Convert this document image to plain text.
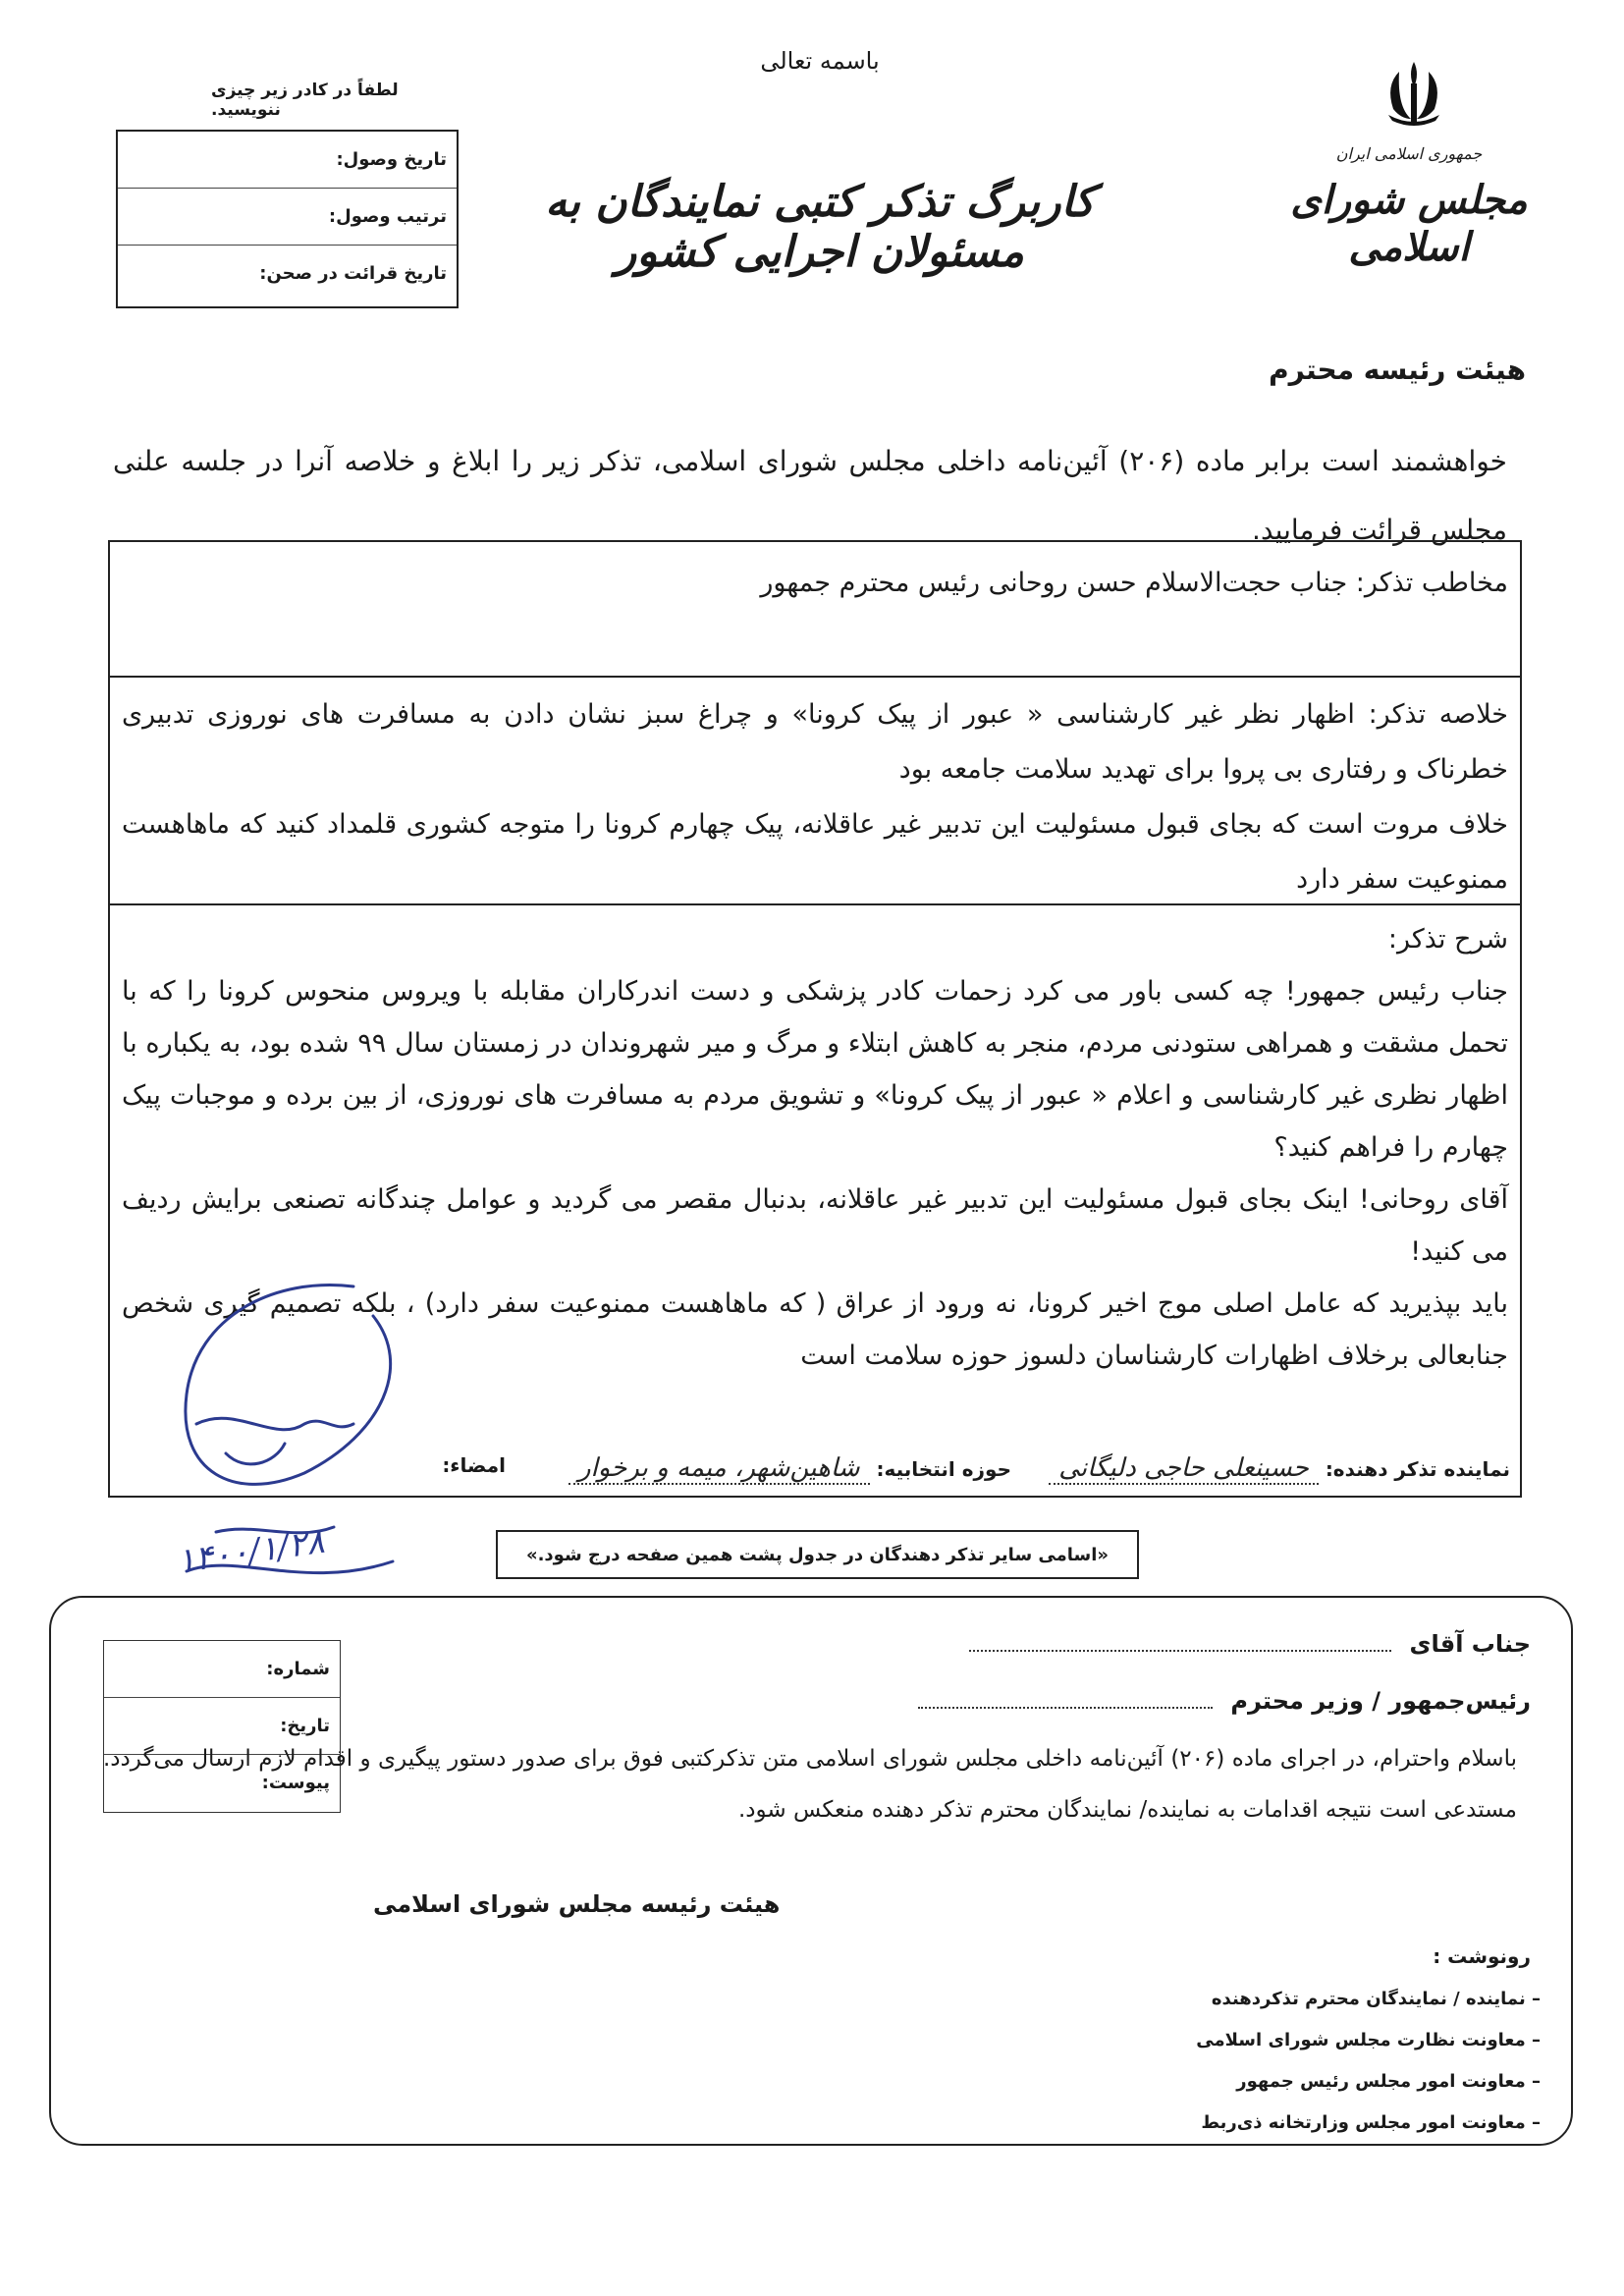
باسمه تعالی
لطفاً در کادر زیر چیزی ننویسید.
تاریخ وصول:
ترتیب وصول:
تاریخ قرائت در صحن:
کاربرگ تذکر کتبی نمایندگان به مسئولان اجرایی کشور
جمهوری اسلامی ایران
مجلس شورای اسلامی
هیئت رئیسه محترم
خواهشمند است برابر ماده (۲۰۶) آئین‌نامه داخلی مجلس شورای اسلامی، تذکر زیر را ابلاغ و خلاصه آنرا در جلسه علنی مجلس قرائت فرمایید.
مخاطب تذکر: جناب حجت‌الاسلام حسن روحانی رئیس محترم جمهور
خلاصه تذکر: اظهار نظر غیر کارشناسی « عبور از پیک کرونا» و چراغ سبز نشان دادن به مسافرت های نوروزی تدبیری خطرناک و رفتاری بی پروا برای تهدید سلامت جامعه بود
خلاف مروت است که بجای قبول مسئولیت این تدبیر غیر عاقلانه، پیک چهارم کرونا را متوجه کشوری قلمداد کنید که ماهاهست ممنوعیت سفر دارد
شرح تذکر:
جناب رئیس جمهور! چه کسی باور می کرد زحمات کادر پزشکی و دست اندرکاران مقابله با ویروس منحوس کرونا را که با تحمل مشقت و همراهی ستودنی مردم، منجر به کاهش ابتلاء و مرگ و میر شهروندان در زمستان سال ۹۹ شده بود، به یکباره با اظهار نظری غیر کارشناسی و اعلام « عبور از پیک کرونا» و تشویق مردم به مسافرت های نوروزی، از بین برده و موجبات پیک چهارم را فراهم کنید؟
آقای روحانی! اینک بجای قبول مسئولیت این تدبیر غیر عاقلانه، بدنبال مقصر می گردید و عوامل چندگانه تصنعی برایش ردیف می کنید!
باید بپذیرید که عامل اصلی موج اخیر کرونا، نه ورود از عراق ( که ماهاهست ممنوعیت سفر دارد) ، بلکه تصمیم گیری شخص جنابعالی برخلاف اظهارات کارشناسان دلسوز حوزه سلامت است
نماینده تذکر دهنده: حسینعلی حاجی دلیگانی
حوزه انتخابیه: شاهین‌شهر، میمه و برخوار
امضاء:
۱۴۰۰/۱/۲۸	«اسامی سایر تذکر دهندگان در جدول پشت همین صفحه درج شود.»
شماره:
تاریخ:
پیوست:
جناب آقای
رئیس‌جمهور / وزیر محترم
باسلام واحترام، در اجرای ماده (۲۰۶) آئین‌نامه داخلی مجلس شورای اسلامی متن تذکرکتبی فوق برای صدور دستور پیگیری و اقدام لازم ارسال می‌گردد. مستدعی است نتیجه اقدامات به نماینده/ نمایندگان محترم تذکر دهنده منعکس شود.
هیئت رئیسه مجلس شورای اسلامی
رونوشت :
– نماینده / نمایندگان محترم تذکردهنده
– معاونت نظارت مجلس شورای اسلامی
– معاونت امور مجلس رئیس جمهور
– معاونت امور مجلس وزارتخانه ذی‌ربط
